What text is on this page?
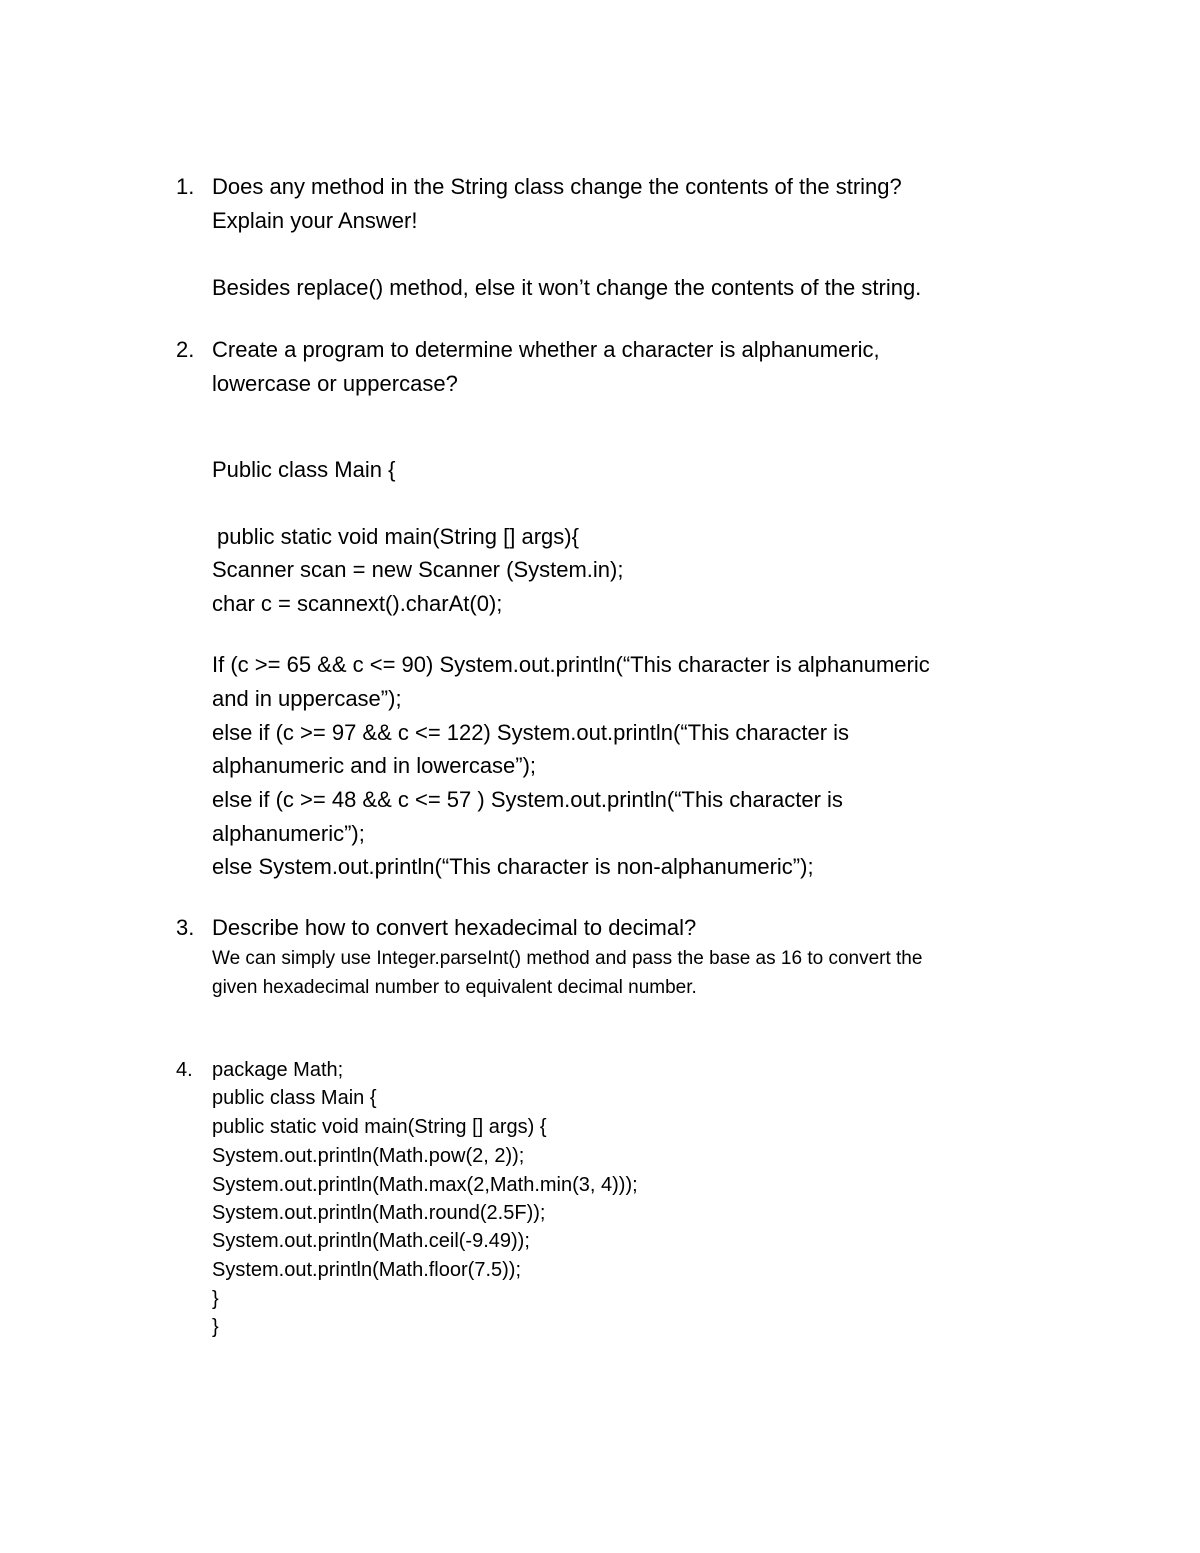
1. Does any method in the String class change the contents of the string?
Explain your Answer!
Besides replace() method, else it won’t change the contents of the string.
2. Create a program to determine whether a character is alphanumeric,
lowercase or uppercase?
Public class Main {
public static void main(String [] args){
Scanner scan = new Scanner (System.in);
char c = scannext().charAt(0);
If (c >= 65 && c <= 90) System.out.println(“This character is alphanumeric
and in uppercase”);
else if (c >= 97 && c <= 122) System.out.println(“This character is
alphanumeric and in lowercase”);
else if (c >= 48 && c <= 57 ) System.out.println(“This character is
alphanumeric”);
else System.out.println(“This character is non-alphanumeric”);
3. Describe how to convert hexadecimal to decimal?
We can simply use Integer.parseInt() method and pass the base as 16 to convert the
given hexadecimal number to equivalent decimal number.
4. package Math;
public class Main {
public static void main(String [] args) {
System.out.println(Math.pow(2, 2));
System.out.println(Math.max(2,Math.min(3, 4)));
System.out.println(Math.round(2.5F));
System.out.println(Math.ceil(-9.49));
System.out.println(Math.floor(7.5));
}
}
